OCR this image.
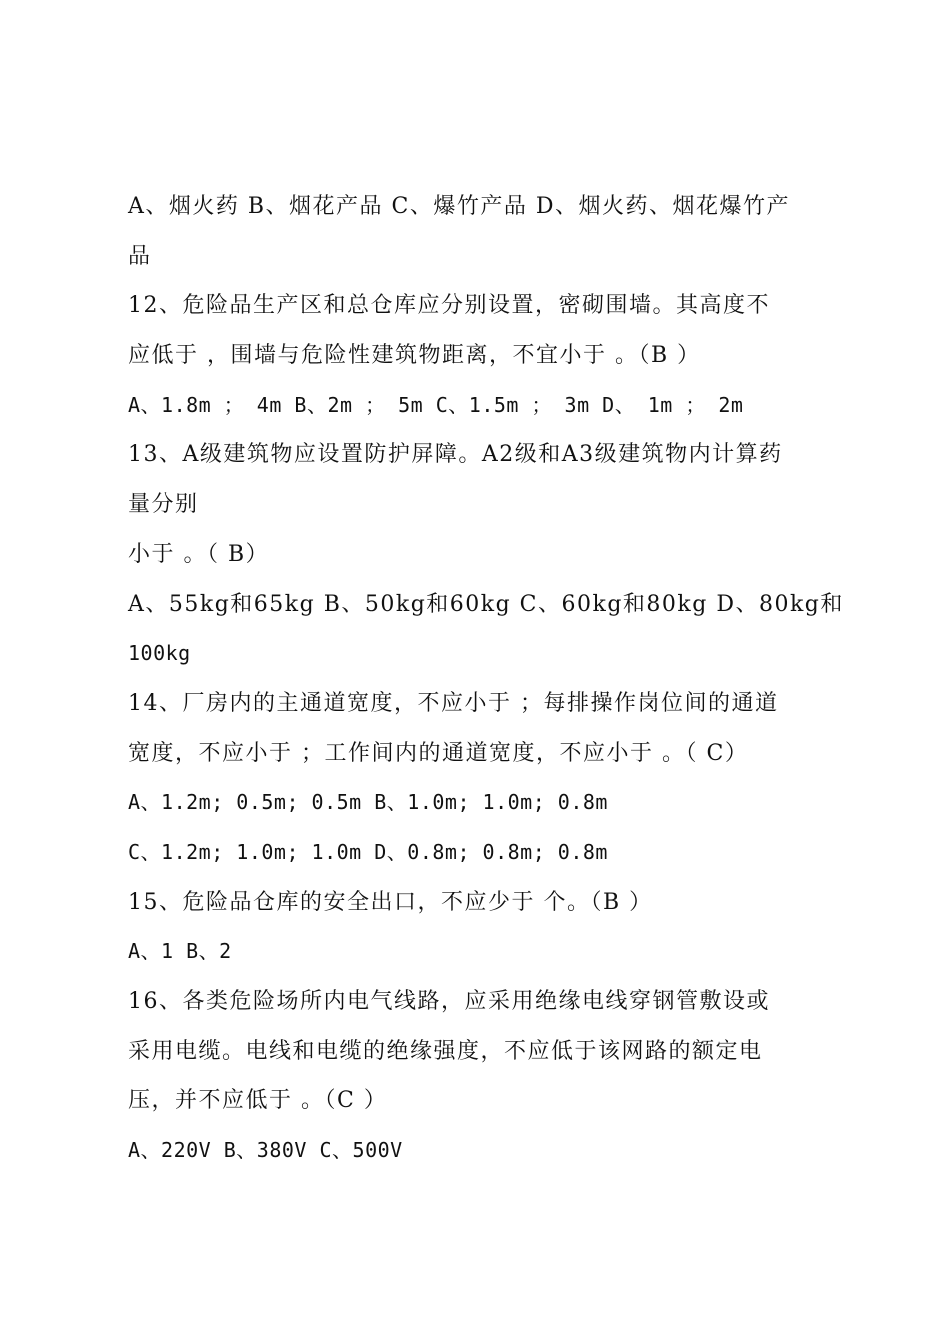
A、烟火药 B、烟花产品 C、爆竹产品 D、烟火药、烟花爆竹产
品
12、危险品生产区和总仓库应分别设置，密砌围墙。其高度不
应低于 ，围墙与危险性建筑物距离，不宜小于 。（B ）
A、1.8m ； 4m B、2m ； 5m C、1.5m ； 3m D、 1m ； 2m
13、A级建筑物应设置防护屏障。A2级和A3级建筑物内计算药
量分别
小于 。（ B）
A、55kg和65kg B、50kg和60kg C、60kg和80kg D、80kg和
100kg
14、厂房内的主通道宽度，不应小于 ；每排操作岗位间的通道
宽度，不应小于 ；工作间内的通道宽度，不应小于 。（ C）
A、1.2m; 0.5m; 0.5m B、1.0m; 1.0m; 0.8m
C、1.2m; 1.0m; 1.0m D、0.8m; 0.8m; 0.8m
15、危险品仓库的安全出口，不应少于 个。（B ）
A、1 B、2
16、各类危险场所内电气线路，应采用绝缘电线穿钢管敷设或
采用电缆。电线和电缆的绝缘强度，不应低于该网路的额定电
压，并不应低于 。（C ）
A、220V B、380V C、500V
